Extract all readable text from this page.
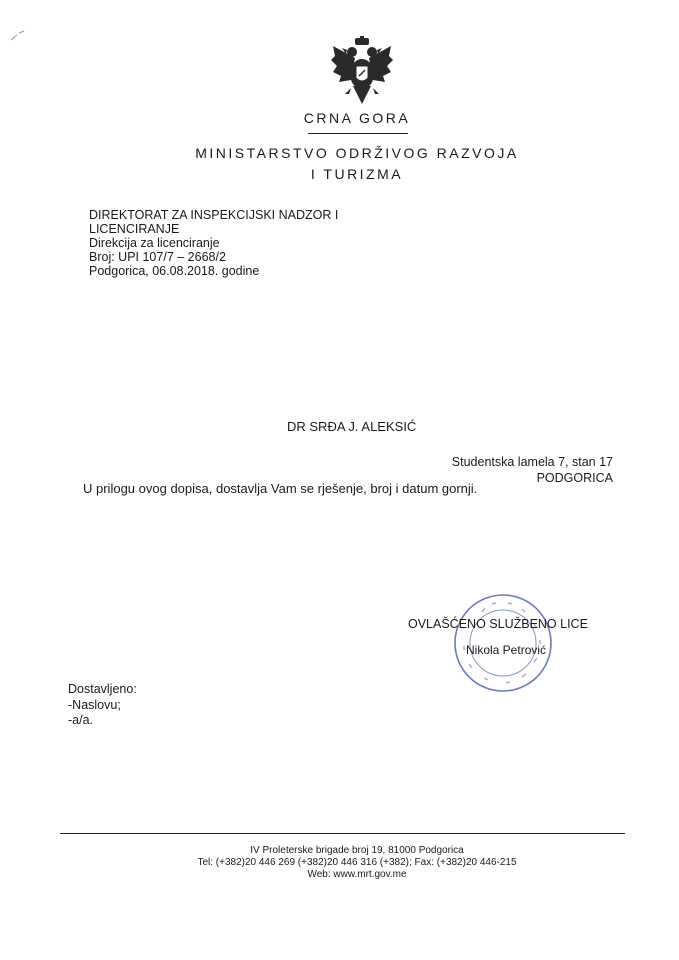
CRNA GORA
MINISTARSTVO ODRŽIVOG RAZVOJA
I TURIZMA
DIREKTORAT ZA INSPEKCIJSKI NADZOR I
LICENCIRANJE
Direkcija za licenciranje
Broj: UPI 107/7 – 2668/2
Podgorica, 06.08.2018. godine
DR SRĐA J. ALEKSIĆ
Studentska lamela 7, stan 17
PODGORICA
U prilogu ovog dopisa, dostavlja Vam se rješenje, broj i datum gornji.
OVLAŠĆENO SLUŽBENO LICE
Nikola Petrović
Dostavljeno:
-Naslovu;
-a/a.
IV Proleterske brigade broj 19, 81000 Podgorica
Tel: (+382)20 446 269 (+382)20 446 316 (+382); Fax: (+382)20 446-215
Web: www.mrt.gov.me
